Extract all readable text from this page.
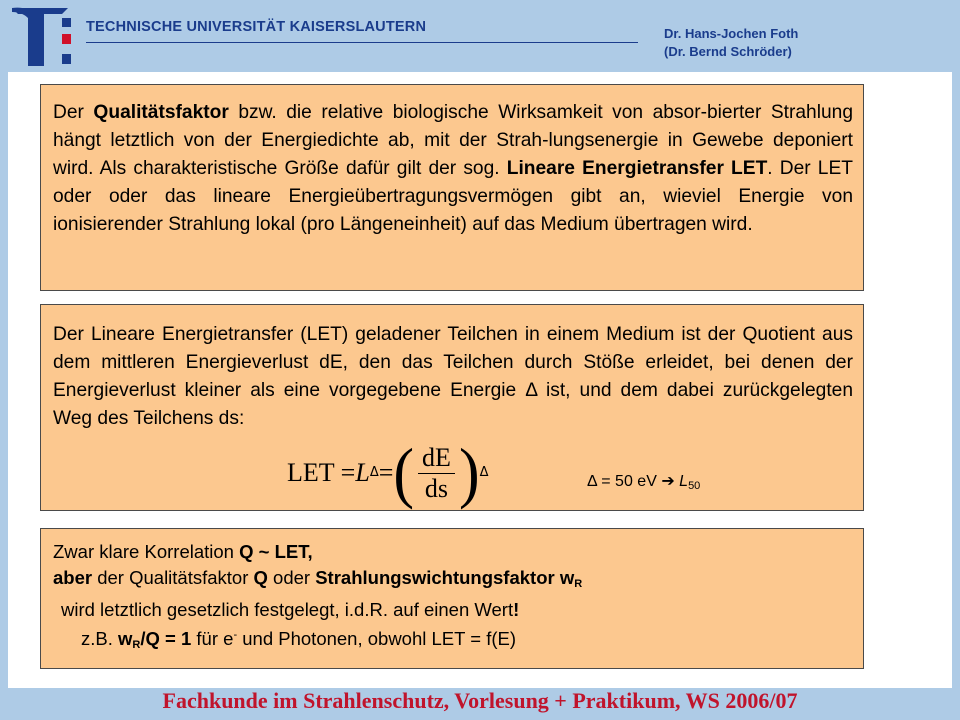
TECHNISCHE UNIVERSITÄT KAISERSLAUTERN	Dr. Hans-Jochen Foth
(Dr. Bernd Schröder)
Der Qualitätsfaktor bzw. die relative biologische Wirksamkeit von absor-bierter Strahlung hängt letztlich von der Energiedichte ab, mit der Strah-lungsenergie in Gewebe deponiert wird. Als charakteristische Größe dafür gilt der sog. Lineare Energietransfer LET. Der LET oder oder das lineare Energieübertragungsvermögen gibt an, wieviel Energie von ionisierender Strahlung lokal (pro Längeneinheit) auf das Medium übertragen wird.
Der Lineare Energietransfer (LET) geladener Teilchen in einem Medium ist der Quotient aus dem mittleren Energieverlust dE, den das Teilchen durch Stöße erleidet, bei denen der Energieverlust kleiner als eine vorgegebene Energie Δ ist, und dem dabei zurückgelegten Weg des Teilchens ds:
LET = L Δ = ( $\frac{dE}{ds}$ ) Δ
Δ = 50 eV ➔ $L_{50}$
Zwar klare Korrelation Q ~ LET,
aber der Qualitätsfaktor Q oder Strahlungswichtungsfaktor $w_R$
wird letztlich gesetzlich festgelegt, i.d.R. auf einen Wert!
z.B. $w_R/Q = 1$ für e- und Photonen, obwohl LET = f(E)
Fachkunde im Strahlenschutz, Vorlesung + Praktikum, WS 2006/07
